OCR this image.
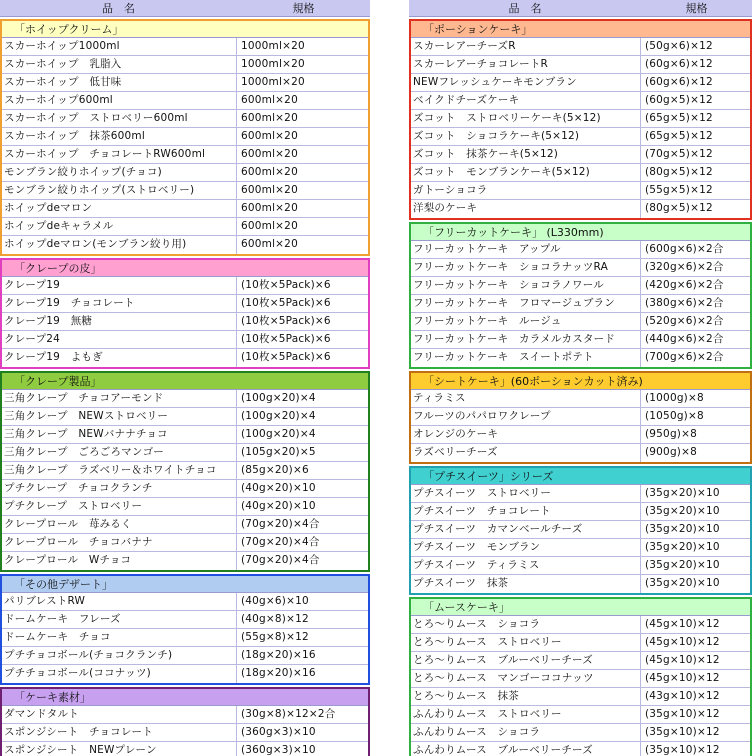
品　名	規格
「ホイップクリーム」
スカーホイップ1000ml	1000ml×20
スカーホイップ　乳脂入	1000ml×20
スカーホイップ　低甘味	1000ml×20
スカーホイップ600ml	600ml×20
スカーホイップ　ストロベリー600ml	600ml×20
スカーホイップ　抹茶600ml	600ml×20
スカーホイップ　チョコレートRW600ml	600ml×20
モンブラン絞りホイップ(チョコ)	600ml×20
モンブラン絞りホイップ(ストロベリー)	600ml×20
ホイップdeマロン	600ml×20
ホイップdeキャラメル	600ml×20
ホイップdeマロン(モンブラン絞り用)	600ml×20
「クレープの皮」
クレープ19	(10枚×5Pack)×6
クレープ19　チョコレート	(10枚×5Pack)×6
クレープ19　無糖	(10枚×5Pack)×6
クレープ24	(10枚×5Pack)×6
クレープ19　よもぎ	(10枚×5Pack)×6
「クレープ製品」
三角クレープ　チョコアーモンド	(100g×20)×4
三角クレープ　NEWストロベリー	(100g×20)×4
三角クレープ　NEWバナナチョコ	(100g×20)×4
三角クレープ　ごろごろマンゴー	(105g×20)×5
三角クレープ　ラズベリー＆ホワイトチョコ	(85g×20)×6
プチクレープ　チョコクランチ	(40g×20)×10
プチクレープ　ストロベリー	(40g×20)×10
クレープロール　苺みるく	(70g×20)×4合
クレープロール　チョコバナナ	(70g×20)×4合
クレープロール　Wチョコ	(70g×20)×4合
「その他デザート」
パリブレストRW	(40g×6)×10
ドームケーキ　フレーズ	(40g×8)×12
ドームケーキ　チョコ	(55g×8)×12
プチチョコボール(チョコクランチ)	(18g×20)×16
プチチョコボール(ココナッツ)	(18g×20)×16
「ケーキ素材」
ダマンドタルト	(30g×8)×12×2合
スポンジシート　チョコレート	(360g×3)×10
スポンジシート　NEWプレーン	(360g×3)×10
品　名	規格
「ポーションケーキ」
スカーレアーチーズR	(50g×6)×12
スカーレアーチョコレートR	(60g×6)×12
NEWフレッシュケーキモンブラン	(60g×6)×12
ベイクドチーズケーキ	(60g×5)×12
ズコット　ストロベリーケーキ(5×12)	(65g×5)×12
ズコット　ショコラケーキ(5×12)	(65g×5)×12
ズコット　抹茶ケーキ(5×12)	(70g×5)×12
ズコット　モンブランケーキ(5×12)	(80g×5)×12
ガトーショコラ	(55g×5)×12
洋梨のケーキ	(80g×5)×12
「フリーカットケーキ」 (L330mm)
フリーカットケーキ　アップル	(600g×6)×2合
フリーカットケーキ　ショコラナッツRA	(320g×6)×2合
フリーカットケーキ　ショコラノワール	(420g×6)×2合
フリーカットケーキ　フロマージュブラン	(380g×6)×2合
フリーカットケーキ　ルージュ	(520g×6)×2合
フリーカットケーキ　カラメルカスタード	(440g×6)×2合
フリーカットケーキ　スイートポテト	(700g×6)×2合
「シートケーキ」(60ポーションカット済み)
ティラミス	(1000g)×8
フルーツのパパロワクレープ	(1050g)×8
オレンジのケーキ	(950g)×8
ラズベリーチーズ	(900g)×8
「プチスイーツ」シリーズ
プチスイーツ　ストロベリー	(35g×20)×10
プチスイーツ　チョコレート	(35g×20)×10
プチスイーツ　カマンベールチーズ	(35g×20)×10
プチスイーツ　モンブラン	(35g×20)×10
プチスイーツ　ティラミス	(35g×20)×10
プチスイーツ　抹茶	(35g×20)×10
「ムースケーキ」
とろ～りムース　ショコラ	(45g×10)×12
とろ～りムース　ストロベリー	(45g×10)×12
とろ～りムース　ブルーベリーチーズ	(45g×10)×12
とろ～りムース　マンゴーココナッツ	(45g×10)×12
とろ～りムース　抹茶	(43g×10)×12
ふんわりムース　ストロベリー	(35g×10)×12
ふんわりムース　ショコラ	(35g×10)×12
ふんわりムース　ブルーベリーチーズ	(35g×10)×12
